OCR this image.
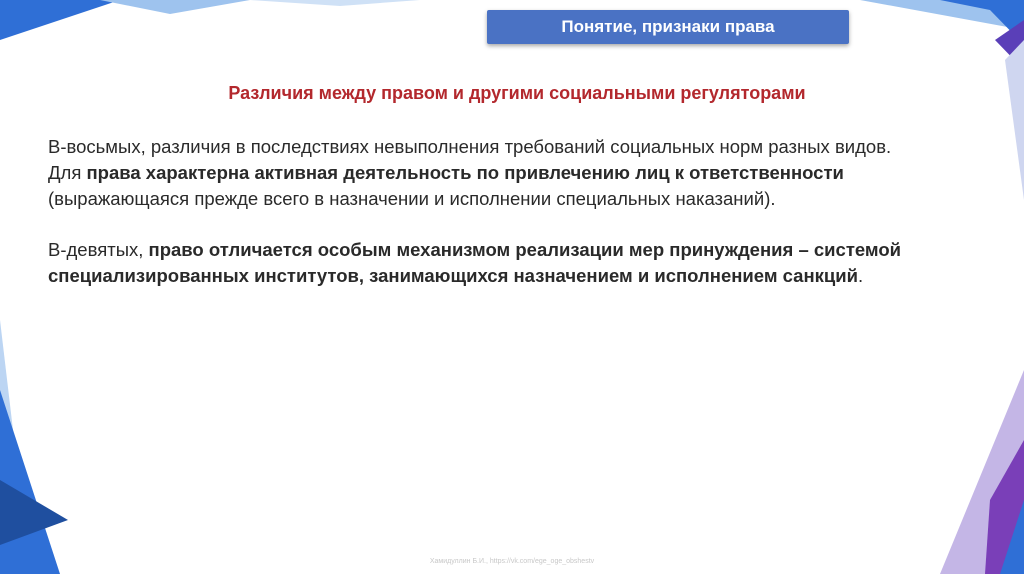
Понятие, признаки права
Различия между правом и другими социальными регуляторами
В-восьмых, различия в последствиях невыполнения требований социальных норм разных видов.
Для права характерна активная деятельность по привлечению лиц к ответственности
(выражающаяся прежде всего в назначении и исполнении специальных наказаний).
В-девятых, право отличается особым механизмом реализации мер принуждения – системой специализированных институтов, занимающихся назначением и исполнением санкций.
Хамидуллин Б.И., https://vk.com/ege_oge_obshestv
